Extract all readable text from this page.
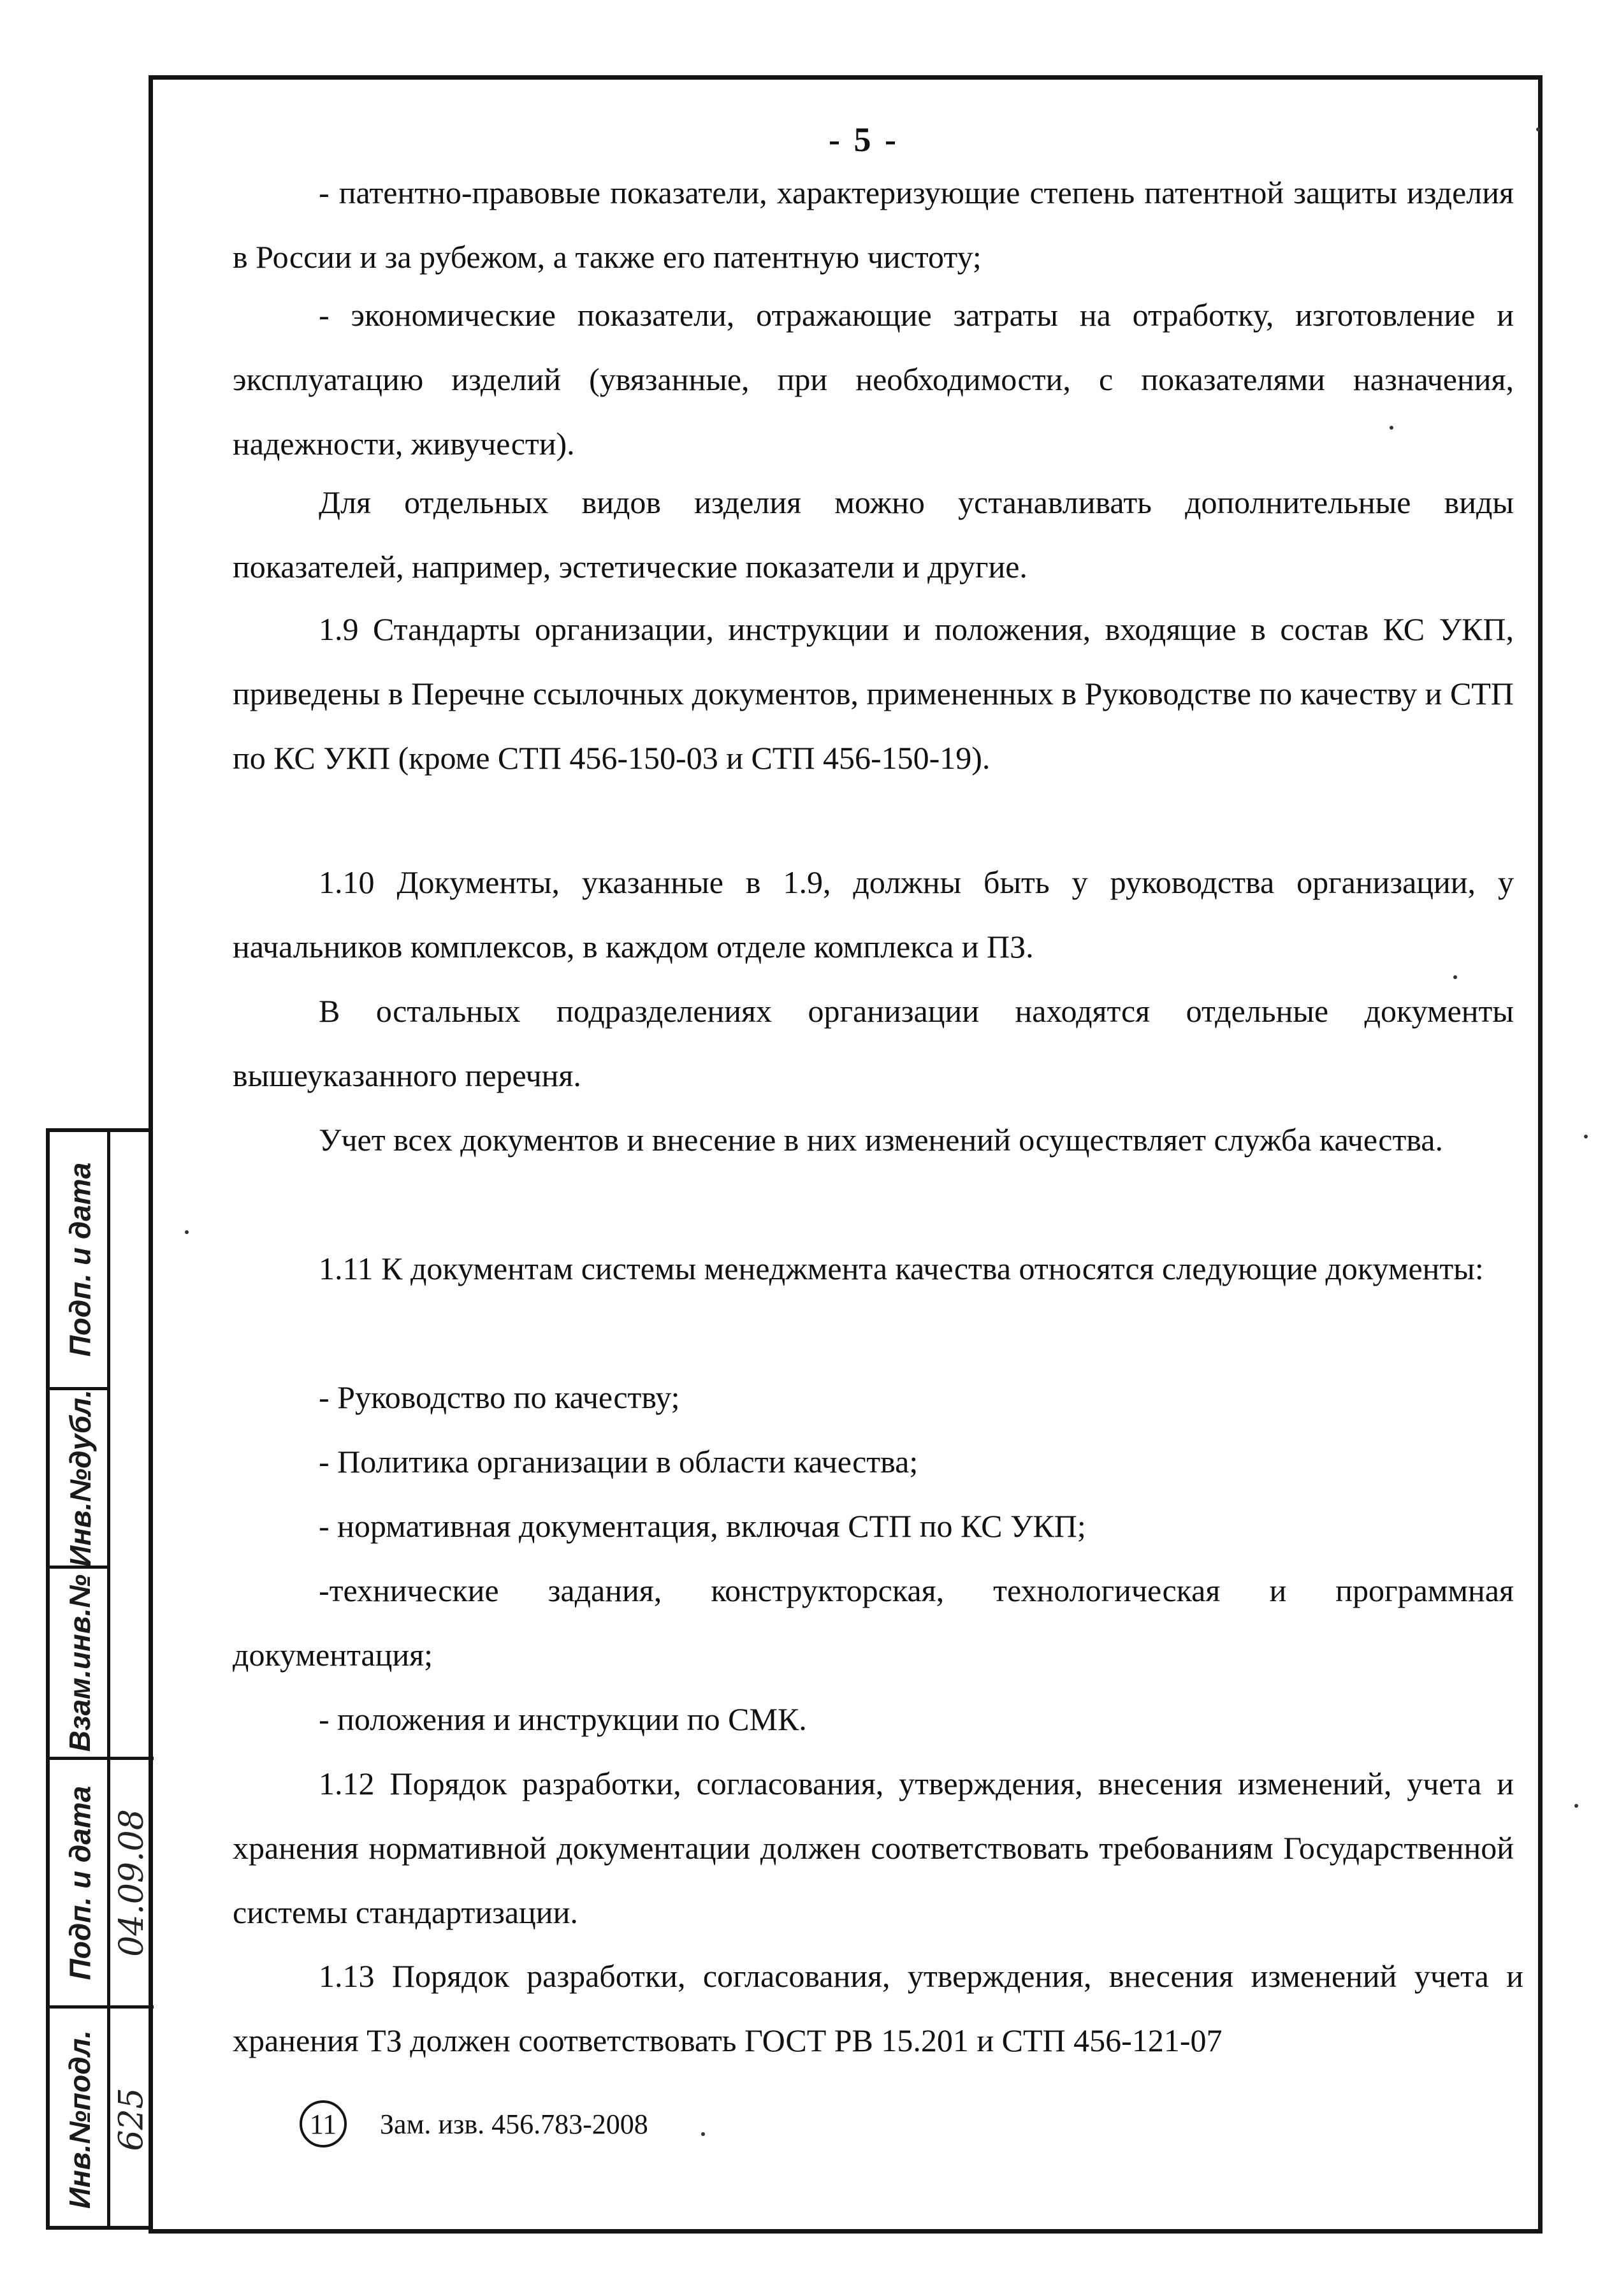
- 5 -

- патентно-правовые показатели, характеризующие степень патентной защиты изделия в России и за рубежом, а также его патентную чистоту;

- экономические показатели, отражающие затраты на отработку, изготовление и эксплуатацию изделий (увязанные, при необходимости, с показателями назначения, надежности, живучести).

Для отдельных видов изделия можно устанавливать дополнительные виды показателей, например, эстетические показатели и другие.

1.9 Стандарты организации, инструкции и положения, входящие в состав КС УКП, приведены в Перечне ссылочных документов, примененных в Руководстве по качеству и СТП по КС УКП (кроме СТП 456-150-03 и СТП 456-150-19).

1.10 Документы, указанные в 1.9, должны быть у руководства организации, у начальников комплексов, в каждом отделе комплекса и ПЗ.

В остальных подразделениях организации находятся отдельные документы вышеуказанного перечня.

Учет всех документов и внесение в них изменений осуществляет служба качества.

1.11 К документам системы менеджмента качества относятся следующие документы:

- Руководство по качеству;

- Политика организации в области качества;

- нормативная документация, включая СТП по КС УКП;

-технические задания, конструкторская, технологическая и программная документация;

- положения и инструкции по СМК.

1.12 Порядок разработки, согласования, утверждения, внесения изменений, учета и хранения нормативной документации должен соответствовать требованиям Государственной системы стандартизации.

1.13 Порядок разработки, согласования, утверждения, внесения изменений учета и хранения ТЗ должен соответствовать ГОСТ РВ 15.201 и СТП 456-121-07

11	Зам. изв. 456.783-2008
Подп. и дата
Инв.№дубл.
Взам.инв.№
Подп. и дата
Инв.№подл.
04.09.08
625
